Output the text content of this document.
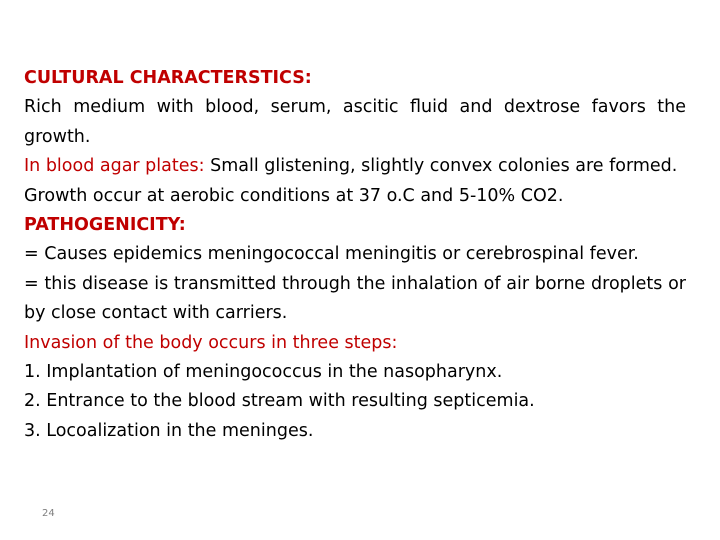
CULTURAL CHARACTERSTICS:

Rich medium with blood, serum, ascitic fluid and dextrose favors the growth.

In blood agar plates: Small glistening, slightly convex colonies are formed.

Growth occur at aerobic conditions at 37 o.C and 5-10% CO2.

PATHOGENICITY:

= Causes epidemics meningococcal meningitis or cerebrospinal fever.

= this disease is transmitted through the inhalation of air borne droplets or by close contact with carriers.

Invasion of the body occurs in three steps:

1. Implantation of meningococcus in the nasopharynx.

2. Entrance to the blood stream with resulting septicemia.

3. Locoalization in the meninges.

24
